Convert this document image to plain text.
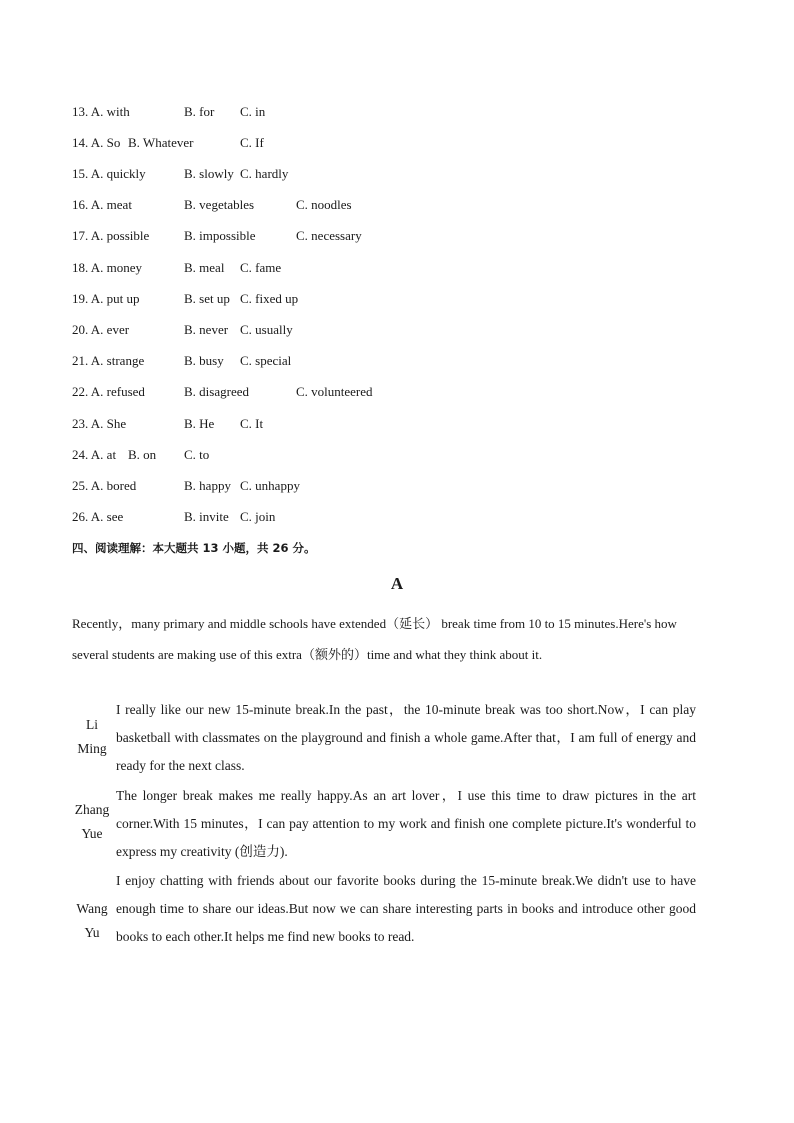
13. A. with	B. for C. in
14. A. So B. Whatever	C. If
15. A. quickly	B. slowly C. hardly
16. A. meat	B. vegetables	C. noodles
17. A. possible	B. impossible	C. necessary
18. A. money	B. meal C. fame
19. A. put up	B. set up C. fixed up
20. A. ever	B. never C. usually
21. A. strange	B. busy C. special
22. A. refused	B. disagreed	C. volunteered
23. A. She	B. He C. It
24. A. at B. on C. to
25. A. bored	B. happy C. unhappy
26. A. see	B. invite C. join
四、阅读理解：本大题共 13 小题，共 26 分。
A
Recently，many primary and middle schools have extended（延长） break time from 10 to 15 minutes.Here's how several students are making use of this extra（额外的）time and what they think about it.
Li Ming
I really like our new 15-minute break.In the past，the 10-minute break was too short.Now，I can play basketball with classmates on the playground and finish a whole game.After that，I am full of energy and ready for the next class.
Zhang Yue
The longer break makes me really happy.As an art lover，I use this time to draw pictures in the art corner.With 15 minutes，I can pay attention to my work and finish one complete picture.It's wonderful to express my creativity (创造力).
Wang Yu
I enjoy chatting with friends about our favorite books during the 15-minute break.We didn't use to have enough time to share our ideas.But now we can share interesting parts in books and introduce other good books to each other.It helps me find new books to read.
